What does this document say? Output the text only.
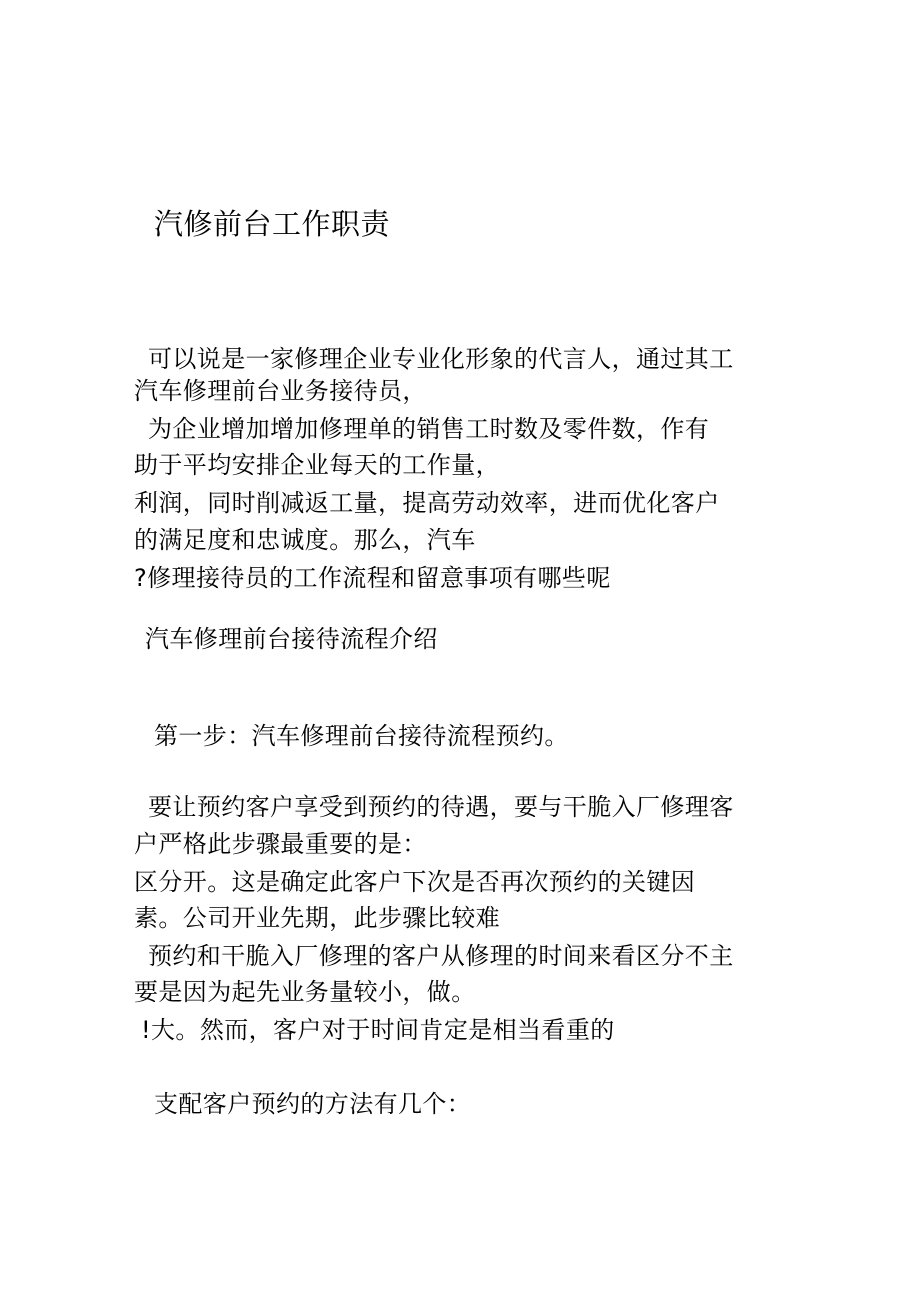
汽修前台工作职责
可以说是一家修理企业专业化形象的代言人，通过其工
汽车修理前台业务接待员，
为企业增加增加修理单的销售工时数及零件数，作有
助于平均安排企业每天的工作量，
利润，同时削减返工量，提高劳动效率，进而优化客户
的满足度和忠诚度。那么，汽车
?修理接待员的工作流程和留意事项有哪些呢
汽车修理前台接待流程介绍
第一步：汽车修理前台接待流程预约。
要让预约客户享受到预约的待遇，要与干脆入厂修理客
户严格此步骤最重要的是：
区分开。这是确定此客户下次是否再次预约的关键因
素。公司开业先期，此步骤比较难
预约和干脆入厂修理的客户从修理的时间来看区分不主
要是因为起先业务量较小，做。
!大。然而，客户对于时间肯定是相当看重的
支配客户预约的方法有几个：
